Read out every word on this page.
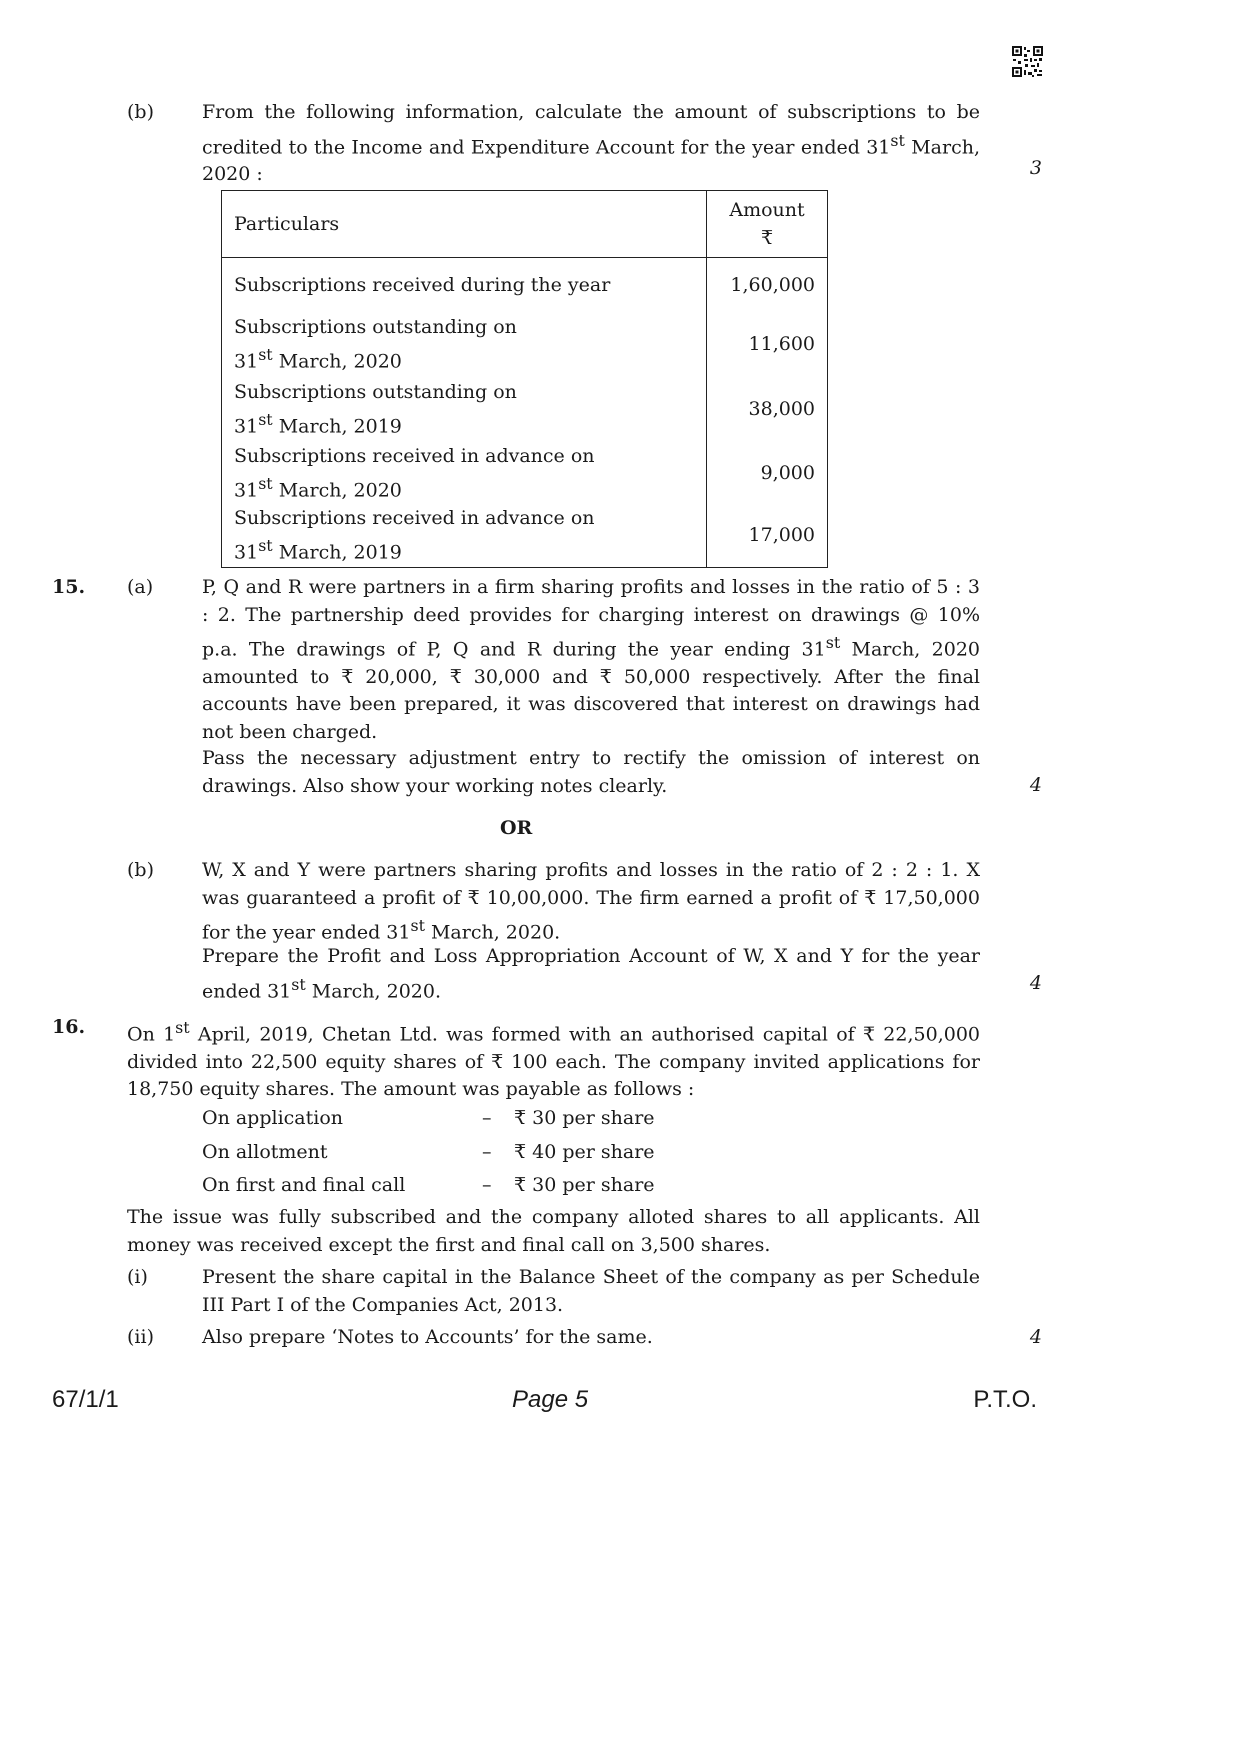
(b)	From the following information, calculate the amount of subscriptions to be credited to the Income and Expenditure Account for the year ended 31st March, 2020 :	3
Particulars	Amount
₹

Subscriptions received during the year	1,60,000

Subscriptions outstanding on
31st March, 2020	11,600

Subscriptions outstanding on
31st March, 2019	38,000

Subscriptions received in advance on
31st March, 2020	9,000

Subscriptions received in advance on
31st March, 2019	17,000
15. (a)	P, Q and R were partners in a firm sharing profits and losses in the ratio of 5 : 3 : 2. The partnership deed provides for charging interest on drawings @ 10% p.a. The drawings of P, Q and R during the year ending 31st March, 2020 amounted to ₹ 20,000, ₹ 30,000 and ₹ 50,000 respectively. After the final accounts have been prepared, it was discovered that interest on drawings had not been charged.

Pass the necessary adjustment entry to rectify the omission of interest on drawings. Also show your working notes clearly.	4
OR
(b)	W, X and Y were partners sharing profits and losses in the ratio of 2 : 2 : 1. X was guaranteed a profit of ₹ 10,00,000. The firm earned a profit of ₹ 17,50,000 for the year ended 31st March, 2020.

Prepare the Profit and Loss Appropriation Account of W, X and Y for the year ended 31st March, 2020.	4
16. On 1st April, 2019, Chetan Ltd. was formed with an authorised capital of ₹ 22,50,000 divided into 22,500 equity shares of ₹ 100 each. The company invited applications for 18,750 equity shares. The amount was payable as follows :

On application	– ₹ 30 per share
On allotment	– ₹ 40 per share
On first and final call	– ₹ 30 per share

The issue was fully subscribed and the company alloted shares to all applicants. All money was received except the first and final call on 3,500 shares.

(i)	Present the share capital in the Balance Sheet of the company as per Schedule III Part I of the Companies Act, 2013.

(ii)	Also prepare ‘Notes to Accounts’ for the same.	4
67/1/1	Page 5	P.T.O.
